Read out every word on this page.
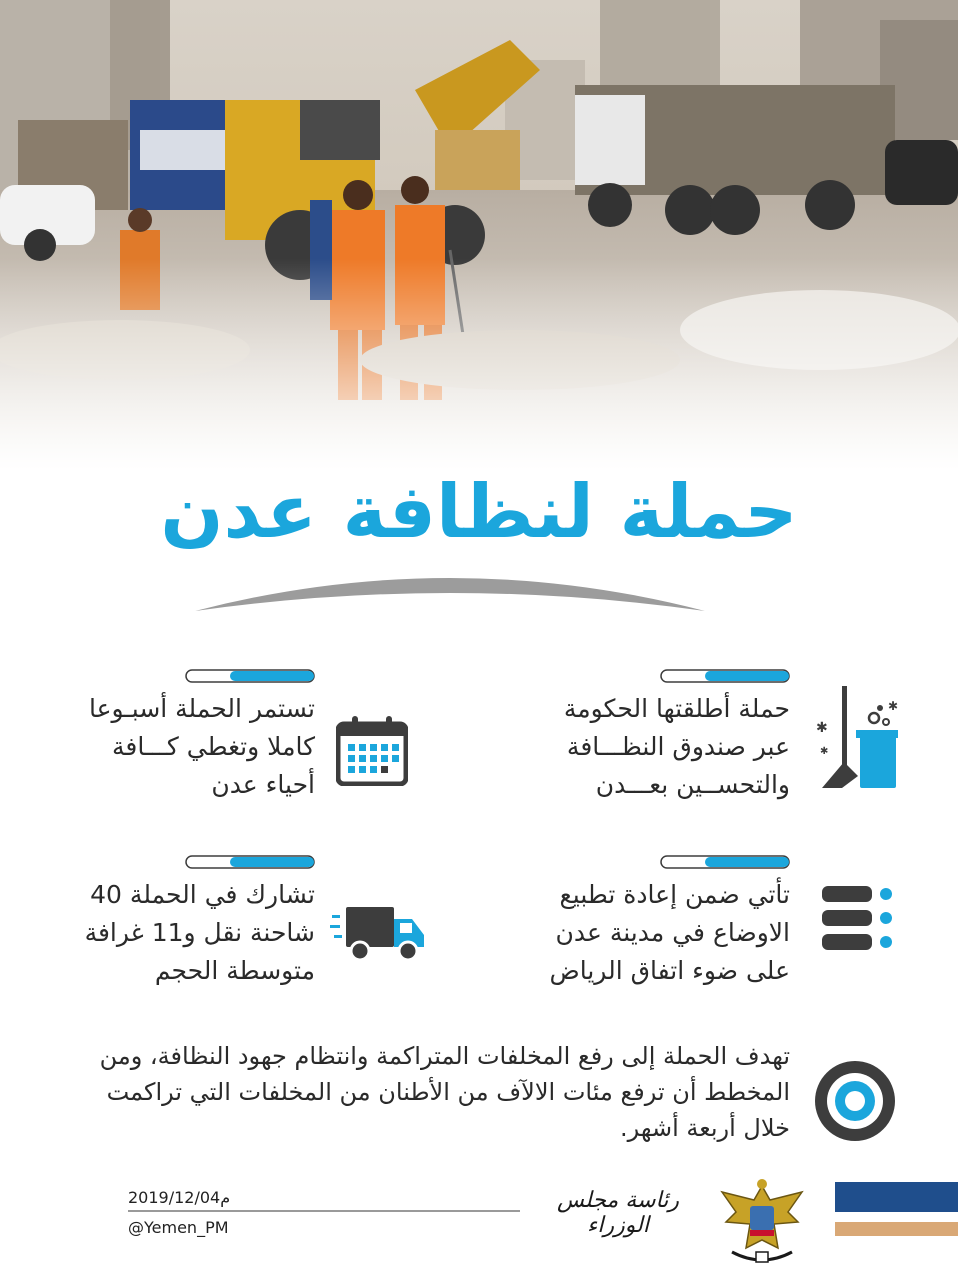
حملة لنظافة عدن
حملة أطلقتها الحكومة عبر صندوق النظـــافة والتحســين بعـــدن
✱
✱
✱
تستمر الحملة أسبـوعا كاملا وتغطي كـــافة أحياء عدن
تأتي ضمن إعادة تطبيع الاوضاع في مدينة عدن على ضوء اتفاق الرياض
تشارك في الحملة 40 شاحنة نقل و11 غرافة متوسطة الحجم
تهدف الحملة إلى رفع المخلفات المتراكمة وانتظام جهود النظافة، ومن المخطط أن ترفع مئات الالآف من الأطنان من المخلفات التي تراكمت خلال أربعة أشهر.
2019/12/04م
@Yemen_PM
رئاسة مجلس الوزراء
